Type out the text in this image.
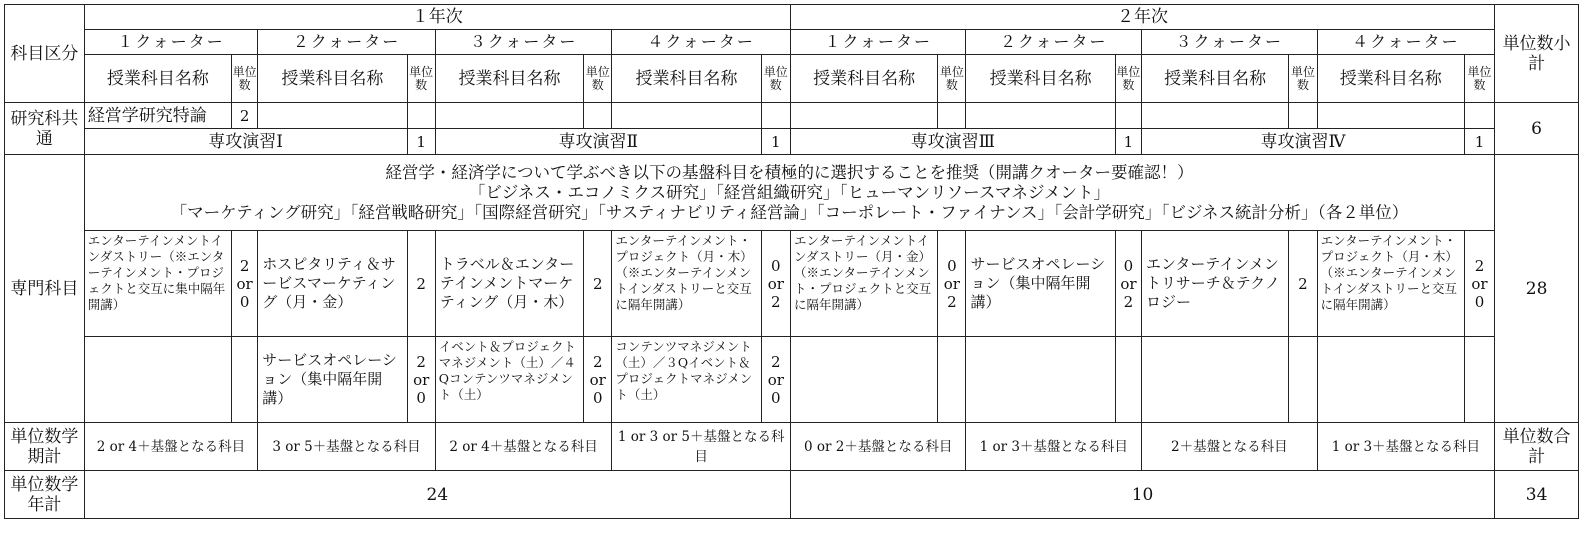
科目区分	１年次								２年次								単位数小計
	１クォーター		２クォーター		３クォーター		４クォーター		１クォーター		２クォーター		３クォーター		４クォーター		
	授業科目名称	単位数	授業科目名称	単位数	授業科目名称	単位数	授業科目名称	単位数	授業科目名称	単位数	授業科目名称	単位数	授業科目名称	単位数	授業科目名称	単位数	
研究科共通	経営学研究特論	2															6
	専攻演習Ⅰ			1	専攻演習Ⅱ			1	専攻演習Ⅲ			1	専攻演習Ⅳ			1	
専門科目	経営学・経済学について学ぶべき以下の基盤科目を積極的に選択することを推奨（開講クオーター要確認！）
「ビジネス・エコノミクス研究」「経営組織研究」「ヒューマンリソースマネジメント」
「マーケティング研究」「経営戦略研究」「国際経営研究」「サスティナビリティ経営論」「コーポレート・ファイナンス」「会計学研究」「ビジネス統計分析」（各２単位）																28
	エンターテインメントインダストリー（※エンターテインメント・プロジェクトと交互に集中隔年開講）	2 or 0	ホスピタリティ＆サービスマーケティング（月・金）	2	トラベル＆エンターテインメントマーケティング（月・木）	2	エンターテインメント・プロジェクト（月・木）（※エンターテインメントインダストリーと交互に隔年開講）	0 or 2	エンターテインメントインダストリー（月・金）（※エンターテインメント・プロジェクトと交互に隔年開講）	0 or 2	サービスオペレーション（集中隔年開講）	0 or 2	エンターテインメントリサーチ＆テクノロジー	2	エンターテインメント・プロジェクト（月・木）（※エンターテインメントインダストリーと交互に隔年開講）	2 or 0	
			サービスオペレーション（集中隔年開講）	2 or 0	イベント＆プロジェクトマネジメント（土）／４Qコンテンツマネジメント（土）	2 or 0	コンテンツマネジメント（土）／３Qイベント＆プロジェクトマネジメント（土）	2 or 0									
単位数学期計	2 or 4＋基盤となる科目		3 or 5＋基盤となる科目		2 or 4＋基盤となる科目		1 or 3 or 5＋基盤となる科目		0 or 2＋基盤となる科目		1 or 3＋基盤となる科目		2＋基盤となる科目		1 or 3＋基盤となる科目		単位数合計
単位数学年計	24								10								34
